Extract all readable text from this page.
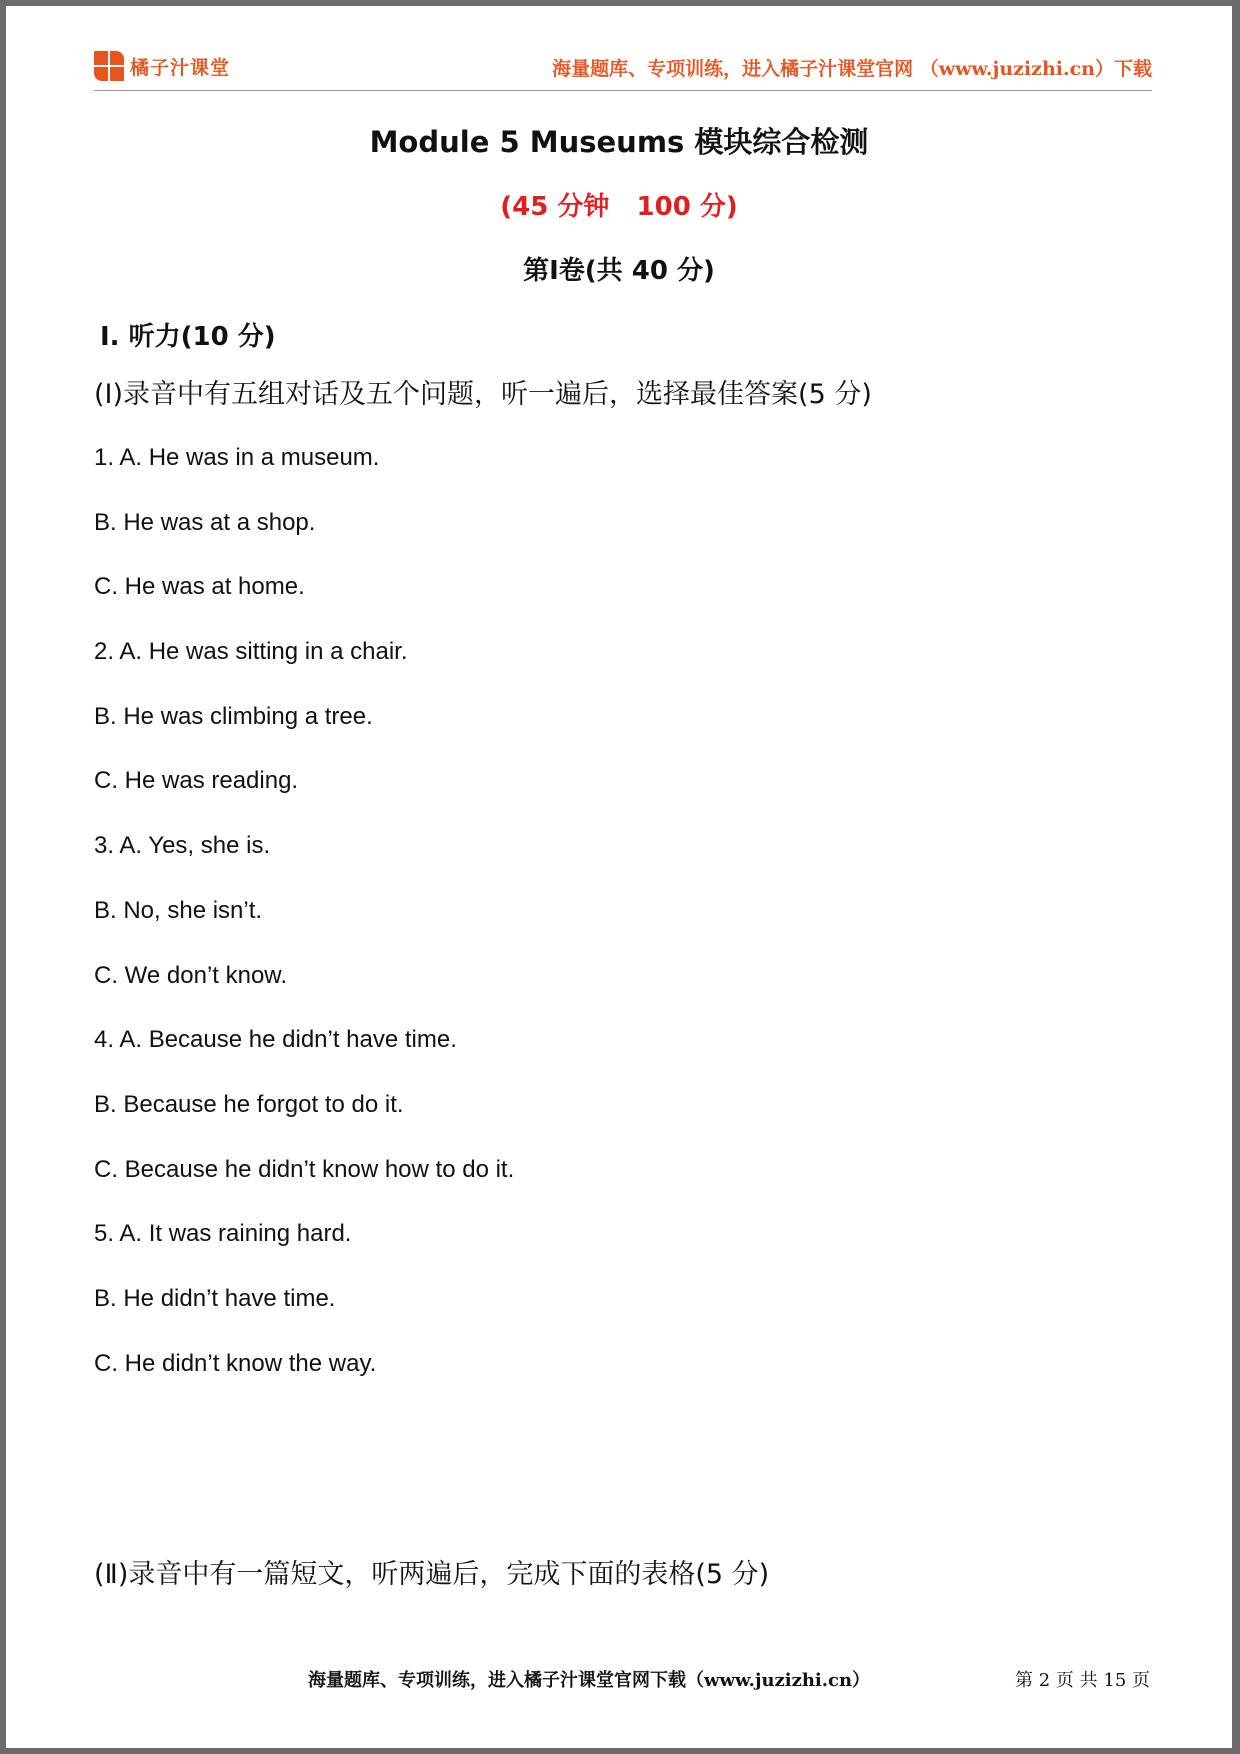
橘子汁课堂	海量题库、专项训练，进入橘子汁课堂官网 （www.juzizhi.cn）下载
Module 5 Museums 模块综合检测
(45 分钟   100 分)
第Ⅰ卷(共 40 分)
Ⅰ. 听力(10 分)
(Ⅰ)录音中有五组对话及五个问题，听一遍后，选择最佳答案(5 分)
1. A. He was in a museum.
B. He was at a shop.
C. He was at home.
2. A. He was sitting in a chair.
B. He was climbing a tree.
C. He was reading.
3. A. Yes, she is.
B. No, she isn’t.
C. We don’t know.
4. A. Because he didn’t have time.
B. Because he forgot to do it.
C. Because he didn’t know how to do it.
5. A. It was raining hard.
B. He didn’t have time.
C. He didn’t know the way.
(Ⅱ)录音中有一篇短文，听两遍后，完成下面的表格(5 分)
海量题库、专项训练，进入橘子汁课堂官网下载（www.juzizhi.cn）	第 2 页 共 15 页
